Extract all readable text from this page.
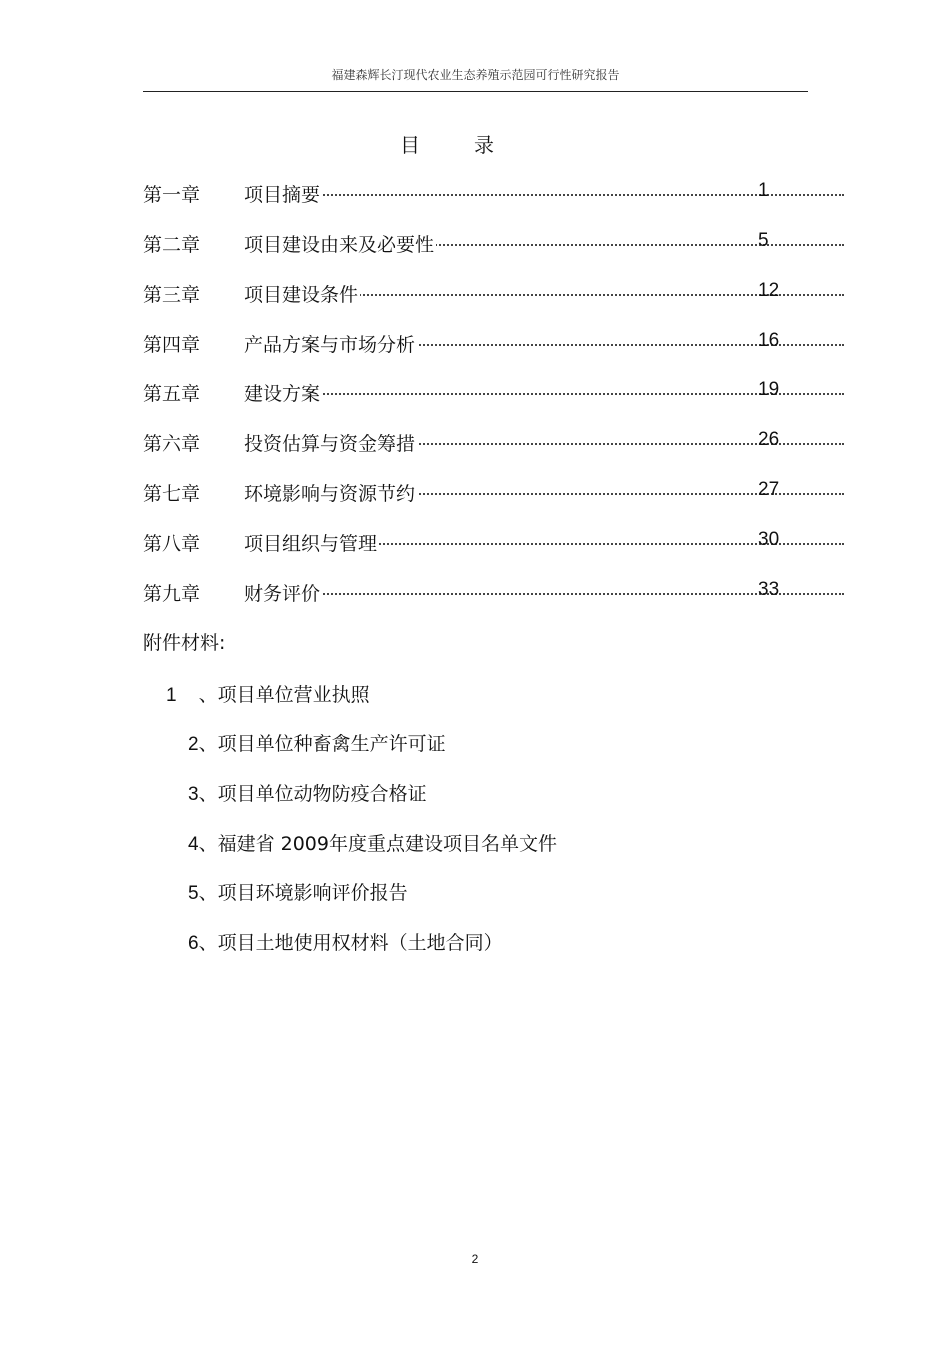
福建森辉长汀现代农业生态养殖示范园可行性研究报告
目	录
第一章 项目摘要	1
第二章 项目建设由来及必要性	5
第三章 项目建设条件	12
第四章 产品方案与市场分析	16
第五章 建设方案	19
第六章 投资估算与资金筹措	26
第七章 环境影响与资源节约	27
第八章 项目组织与管理	30
第九章 财务评价	33
附件材料:
1 、项目单位营业执照
2、项目单位种畜禽生产许可证
3、项目单位动物防疫合格证
4、福建省 2009年度重点建设项目名单文件
5、项目环境影响评价报告
6、项目土地使用权材料（土地合同）
2
